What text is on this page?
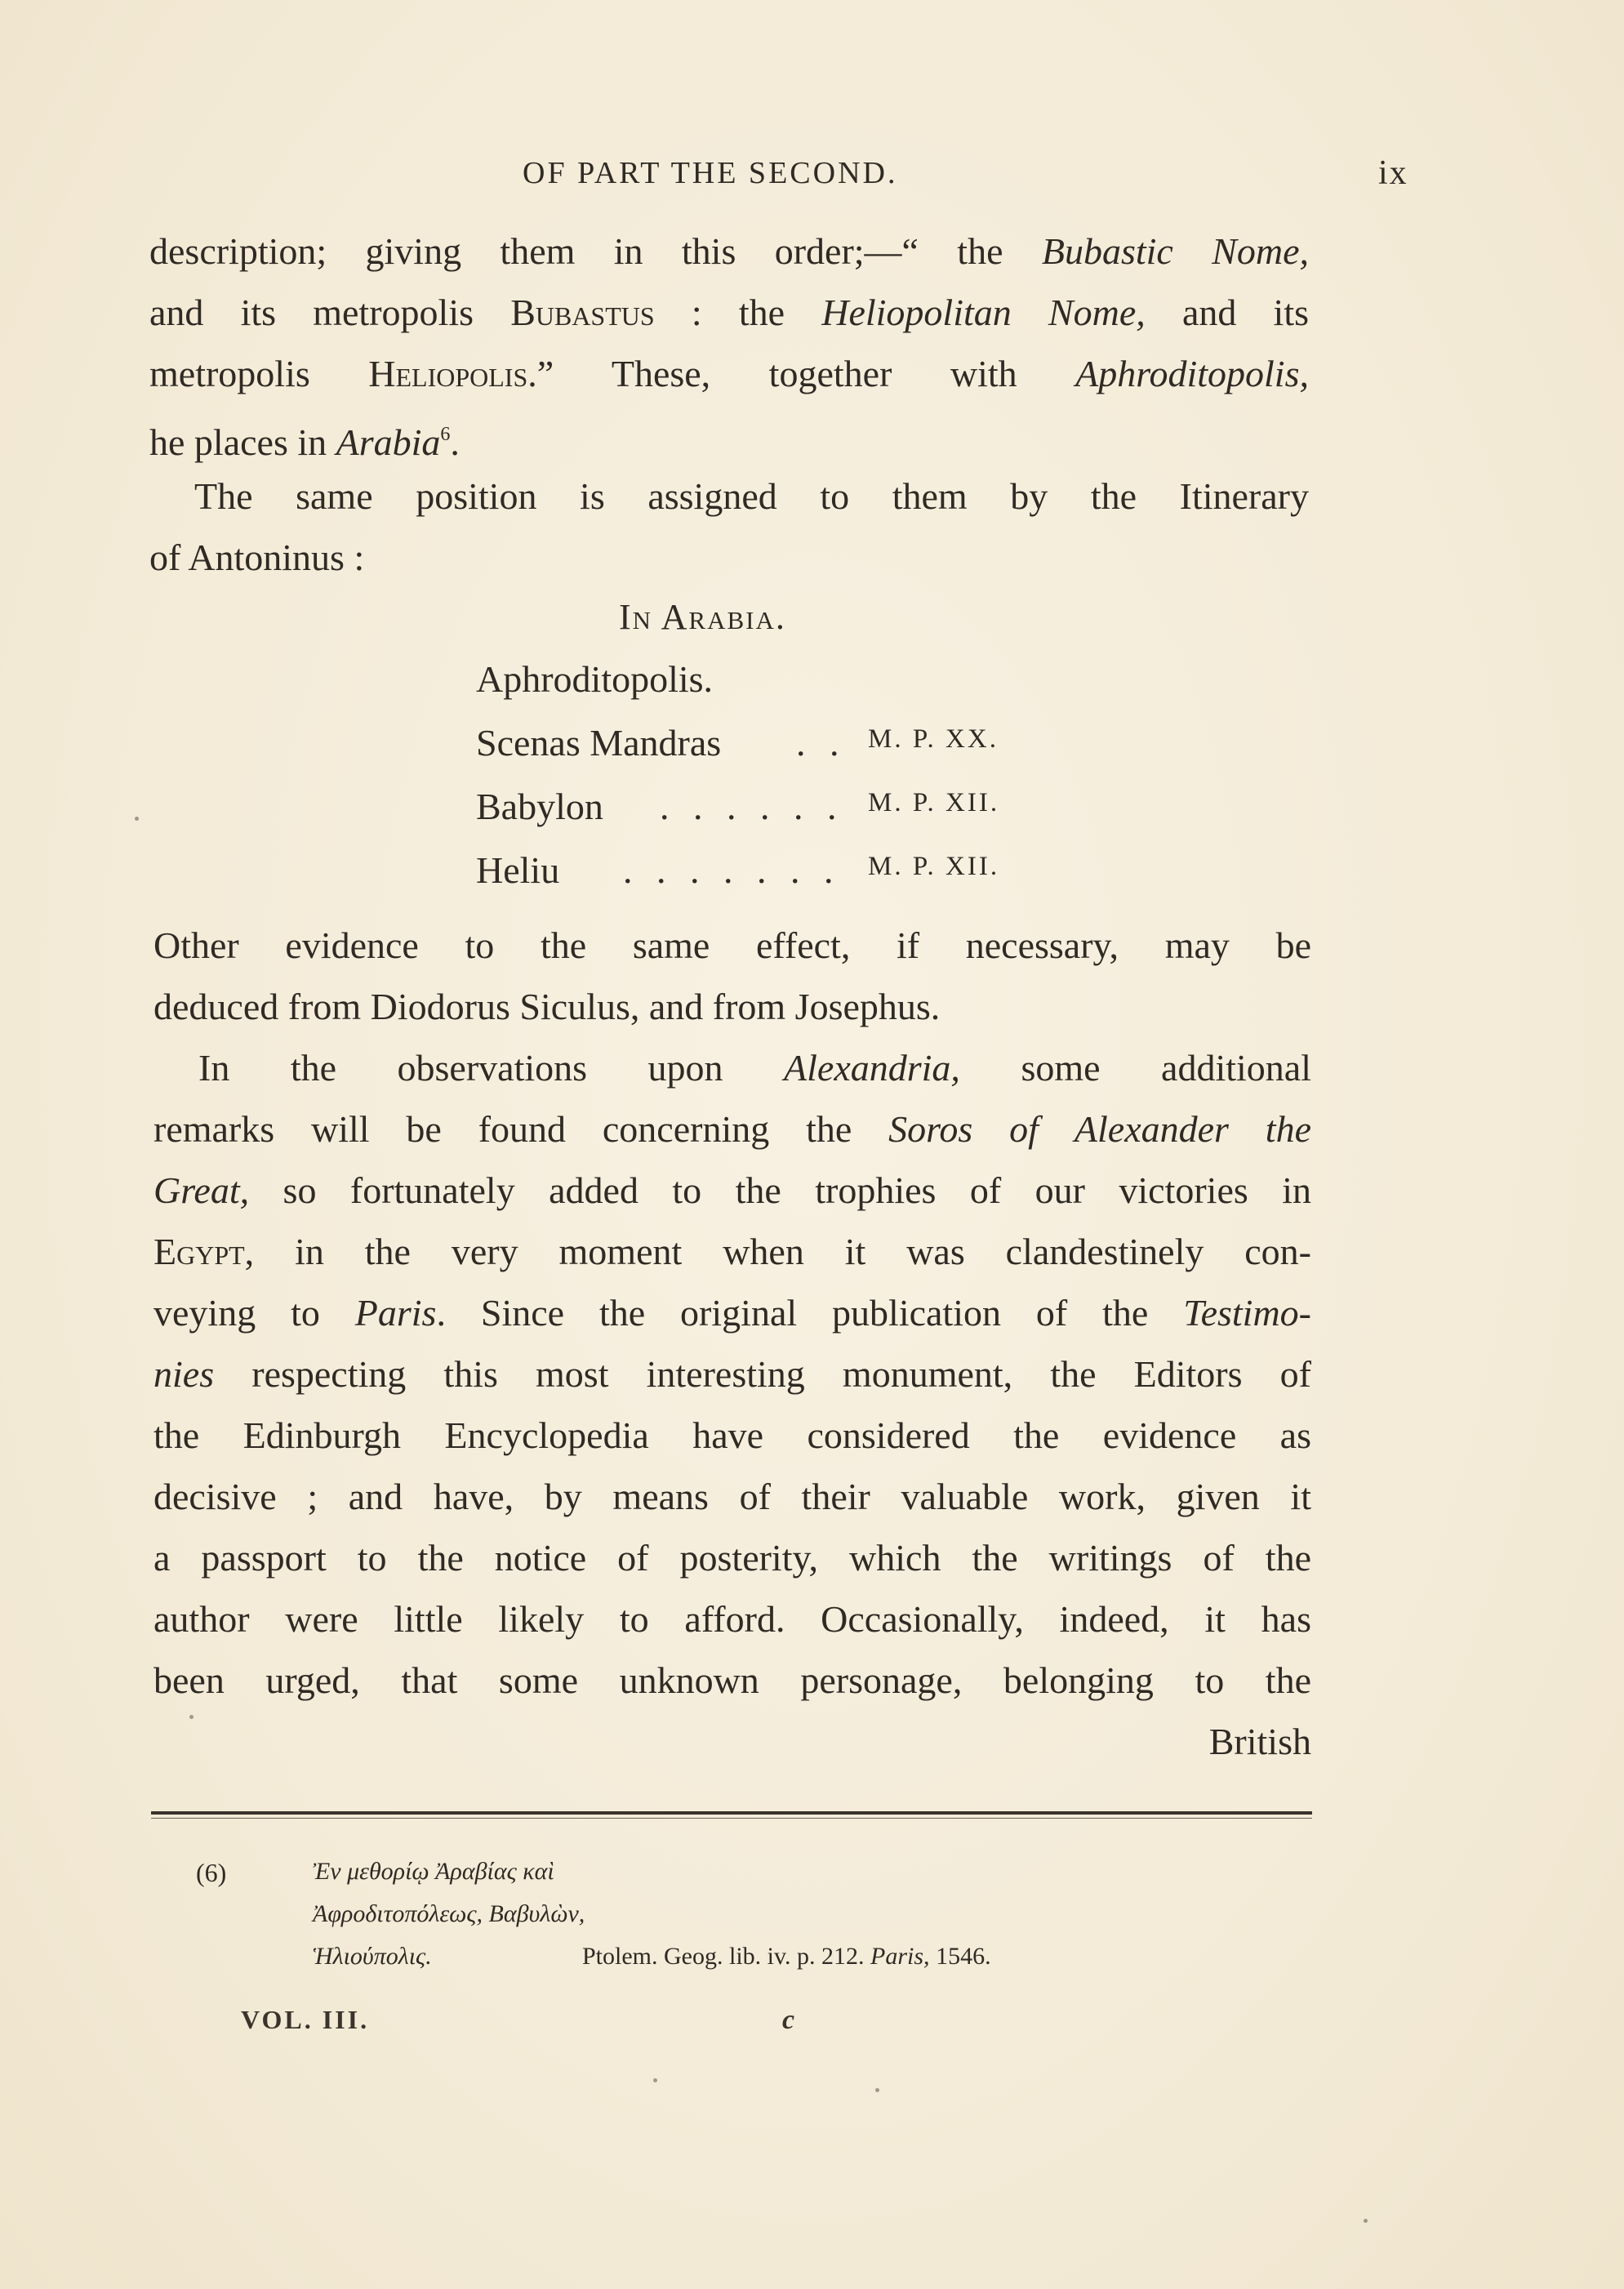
OF PART THE SECOND.	ix
description; giving them in this order;—“ the Bubastic Nome,
and its metropolis Bubastus : the Heliopolitan Nome, and its
metropolis Heliopolis.” These, together with Aphroditopolis,
he places in Arabia$^6$.
The same position is assigned to them by the Itinerary
of Antoninus :
In Arabia.
Aphroditopolis.
Scenas Mandras . . M. P. XX.
Babylon . . . . . . M. P. XII.
Heliu . . . . . . . M. P. XII.
Other evidence to the same effect, if necessary, may be
deduced from Diodorus Siculus, and from Josephus.
In the observations upon Alexandria, some additional
remarks will be found concerning the Soros of Alexander the
Great, so fortunately added to the trophies of our victories in
Egypt, in the very moment when it was clandestinely con-
veying to Paris. Since the original publication of the Testimo-
nies respecting this most interesting monument, the Editors of
the Edinburgh Encyclopedia have considered the evidence as
decisive ; and have, by means of their valuable work, given it
a passport to the notice of posterity, which the writings of the
author were little likely to afford. Occasionally, indeed, it has
been urged, that some unknown personage, belonging to the
British
(6)	Ἐν μεθορίῳ Ἀραβίας καὶ
Ἀφροδιτοπόλεως, Βαβυλὼν,
Ἡλιούπολις.	Ptolem. Geog. lib. iv. p. 212. Paris, 1546.
VOL. III.	c
